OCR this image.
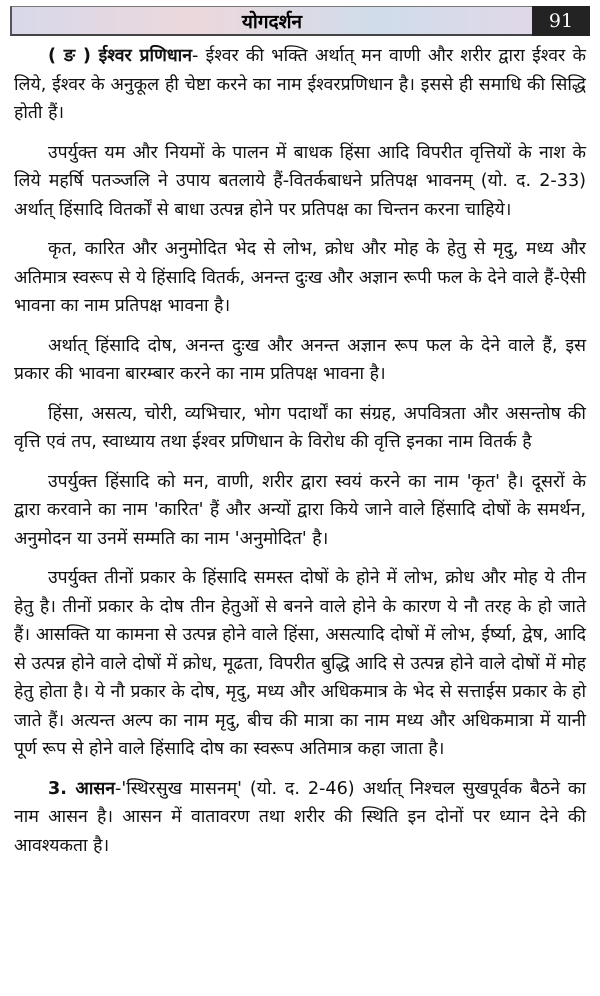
योगदर्शन	91

( ङ ) ईश्वर प्रणिधान- ईश्वर की भक्ति अर्थात् मन वाणी और शरीर द्वारा ईश्वर के लिये, ईश्वर के अनुकूल ही चेष्टा करने का नाम ईश्वरप्रणिधान है। इससे ही समाधि की सिद्धि होती हैं।

उपर्युक्त यम और नियमों के पालन में बाधक हिंसा आदि विपरीत वृत्तियों के नाश के लिये महर्षि पतञ्जलि ने उपाय बतलाये हैं-वितर्कबाधने प्रतिपक्ष भावनम् (यो. द. 2-33) अर्थात् हिंसादि वितर्कों से बाधा उत्पन्न होने पर प्रतिपक्ष का चिन्तन करना चाहिये।

कृत, कारित और अनुमोदित भेद से लोभ, क्रोध और मोह के हेतु से मृदु, मध्य और अतिमात्र स्वरूप से ये हिंसादि वितर्क, अनन्त दुःख और अज्ञान रूपी फल के देने वाले हैं-ऐसी भावना का नाम प्रतिपक्ष भावना है।

अर्थात् हिंसादि दोष, अनन्त दुःख और अनन्त अज्ञान रूप फल के देने वाले हैं, इस प्रकार की भावना बारम्बार करने का नाम प्रतिपक्ष भावना है।

हिंसा, असत्य, चोरी, व्यभिचार, भोग पदार्थों का संग्रह, अपवित्रता और असन्तोष की वृत्ति एवं तप, स्वाध्याय तथा ईश्वर प्रणिधान के विरोध की वृत्ति इनका नाम वितर्क है

उपर्युक्त हिंसादि को मन, वाणी, शरीर द्वारा स्वयं करने का नाम 'कृत' है। दूसरों के द्वारा करवाने का नाम 'कारित' हैं और अन्यों द्वारा किये जाने वाले हिंसादि दोषों के समर्थन, अनुमोदन या उनमें सम्मति का नाम 'अनुमोदित' है।

उपर्युक्त तीनों प्रकार के हिंसादि समस्त दोषों के होने में लोभ, क्रोध और मोह ये तीन हेतु है। तीनों प्रकार के दोष तीन हेतुओं से बनने वाले होने के कारण ये नौ तरह के हो जाते हैं। आसक्ति या कामना से उत्पन्न होने वाले हिंसा, असत्यादि दोषों में लोभ, ईर्ष्या, द्वेष, आदि से उत्पन्न होने वाले दोषों में क्रोध, मूढता, विपरीत बुद्धि आदि से उत्पन्न होने वाले दोषों में मोह हेतु होता है। ये नौ प्रकार के दोष, मृदु, मध्य और अधिकमात्र के भेद से सत्ताईस प्रकार के हो जाते हैं। अत्यन्त अल्प का नाम मृदु, बीच की मात्रा का नाम मध्य और अधिकमात्रा में यानी पूर्ण रूप से होने वाले हिंसादि दोष का स्वरूप अतिमात्र कहा जाता है।

3. आसन-'स्थिरसुख मासनम्' (यो. द. 2-46) अर्थात् निश्चल सुखपूर्वक बैठने का नाम आसन है। आसन में वातावरण तथा शरीर की स्थिति इन दोनों पर ध्यान देने की आवश्यकता है।
